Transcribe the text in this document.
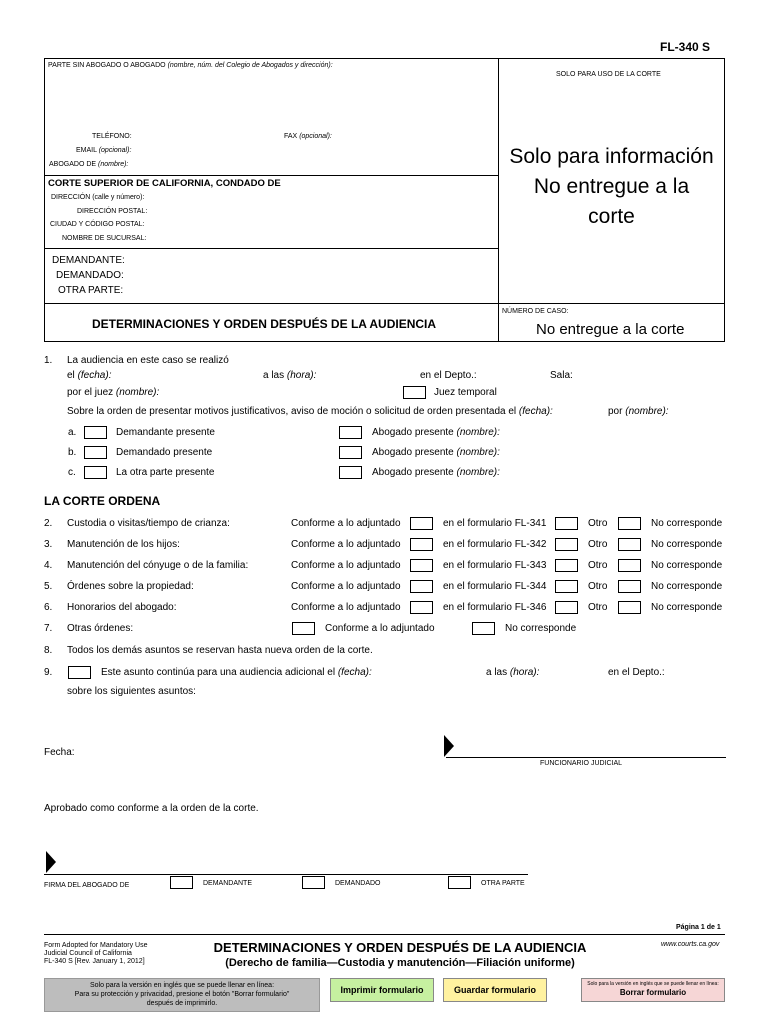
FL-340 S
PARTE SIN ABOGADO O ABOGADO (nombre, núm. del Colegio de Abogados y dirección):
SOLO PARA USO DE LA CORTE
TELÉFONO:	FAX (opcional):
EMAIL (opcional):
ABOGADO DE (nombre):
CORTE SUPERIOR DE CALIFORNIA, CONDADO DE
DIRECCIÓN (calle y número):
DIRECCIÓN POSTAL:
CIUDAD Y CÓDIGO POSTAL:
NOMBRE DE SUCURSAL:
DEMANDANTE:
DEMANDADO:
OTRA PARTE:
Solo para información
No entregue a la
corte
NÚMERO DE CASO:
No entregue a la corte
DETERMINACIONES Y ORDEN DESPUÉS DE LA AUDIENCIA
1. La audiencia en este caso se realizó
el (fecha):	a las (hora):	en el Depto.:	Sala:
por el juez (nombre):	Juez temporal
Sobre la orden de presentar motivos justificativos, aviso de moción o solicitud de orden presentada el (fecha):	por (nombre):
a.	Demandante presente	Abogado presente (nombre):
b.	Demandado presente	Abogado presente (nombre):
c.	La otra parte presente	Abogado presente (nombre):
LA CORTE ORDENA
2. Custodia o visitas/tiempo de crianza:	Conforme a lo adjuntado	en el formulario FL-341	Otro	No corresponde
3. Manutención de los hijos:	Conforme a lo adjuntado	en el formulario FL-342	Otro	No corresponde
4. Manutención del cónyuge o de la familia:	Conforme a lo adjuntado	en el formulario FL-343	Otro	No corresponde
5. Órdenes sobre la propiedad:	Conforme a lo adjuntado	en el formulario FL-344	Otro	No corresponde
6. Honorarios del abogado:	Conforme a lo adjuntado	en el formulario FL-346	Otro	No corresponde
7. Otras órdenes:	Conforme a lo adjuntado	No corresponde
8. Todos los demás asuntos se reservan hasta nueva orden de la corte.
9.	Este asunto continúa para una audiencia adicional el (fecha):	a las (hora):	en el Depto.:
sobre los siguientes asuntos:
Fecha:
FUNCIONARIO JUDICIAL
Aprobado como conforme a la orden de la corte.
FIRMA DEL ABOGADO DE	DEMANDANTE	DEMANDADO	OTRA PARTE
Página 1 de 1
Form Adopted for Mandatory Use
Judicial Council of California
FL-340 S [Rev. January 1, 2012]
DETERMINACIONES Y ORDEN DESPUÉS DE LA AUDIENCIA
(Derecho de familia—Custodia y manutención—Filiación uniforme)
www.courts.ca.gov
Solo para la versión en inglés que se puede llenar en línea:
Para su protección y privacidad, presione el botón "Borrar formulario"
después de imprimirlo.
Imprimir formulario	Guardar formulario
Solo para la versión en inglés que se puede llenar en línea:
Borrar formulario
